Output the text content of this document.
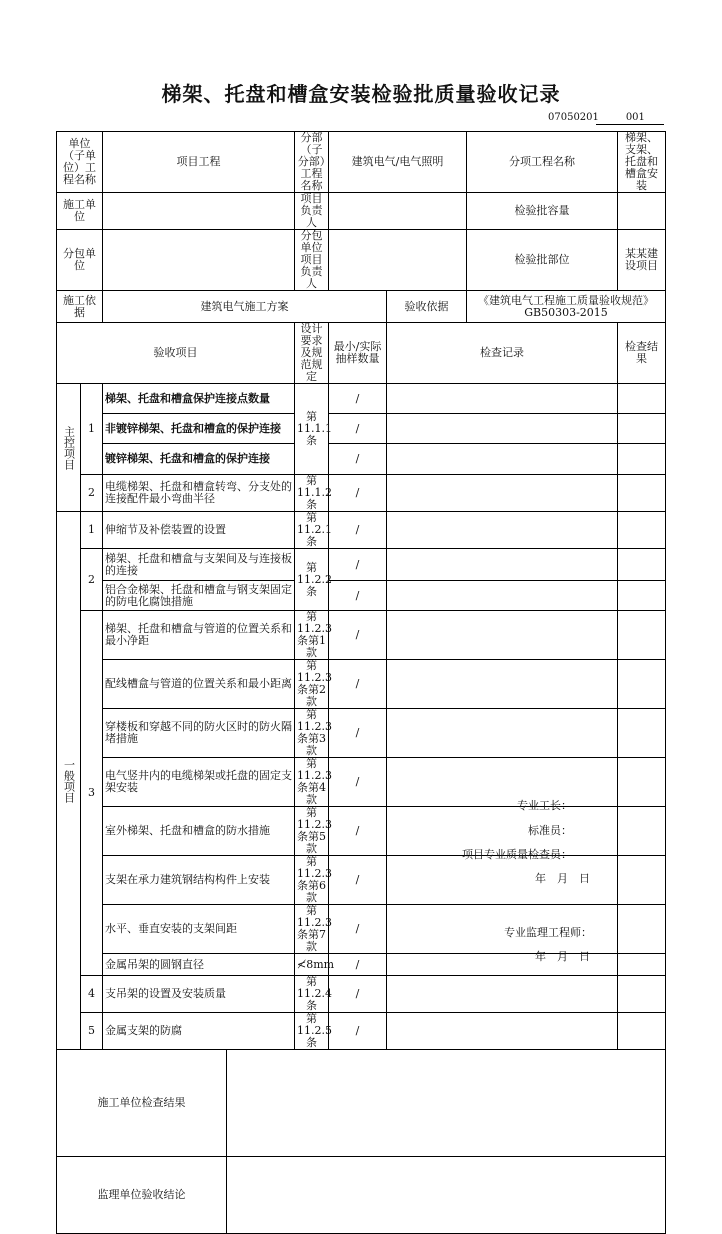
梯架、托盘和槽盒安装检验批质量验收记录
07050201	001
单位（子单位）工程名称		项目工程		分部（子分部）工程名称	建筑电气/电气照明		分项工程名称	梯架、支架、托盘和槽盒安装
施工单位				项目负责人			检验批容量	
分包单位				分包单位项目负责人			检验批部位	某某建设项目
施工依据		建筑电气施工方案				验收依据	《建筑电气工程施工质量验收规范》GB50303-2015	
验收项目				设计要求及规范规定	最小/实际抽样数量	检查记录		检查结果
主控项目	1	梯架、托盘和槽盒保护连接点数量		第11.1.1条	/			
		非镀锌梯架、托盘和槽盒的保护连接			/			
		镀锌梯架、托盘和槽盒的保护连接			/			
	2	电缆梯架、托盘和槽盒转弯、分支处的连接配件最小弯曲半径		第11.1.2条	/			
一般项目	1	伸缩节及补偿装置的设置		第11.2.1条	/			
	2	梯架、托盘和槽盒与支架间及与连接板的连接		第11.2.2条	/			
		铝合金梯架、托盘和槽盒与钢支架固定的防电化腐蚀措施			/			
	3	梯架、托盘和槽盒与管道的位置关系和最小净距		第11.2.3条第1款	/			
		配线槽盒与管道的位置关系和最小距离		第11.2.3条第2款	/			
		穿楼板和穿越不同的防火区时的防火隔堵措施		第11.2.3条第3款	/			
		电气竖井内的电缆梯架或托盘的固定支架安装		第11.2.3条第4款	/			
		室外梯架、托盘和槽盒的防水措施		第11.2.3条第5款	/			
		支架在承力建筑钢结构构件上安装		第11.2.3条第6款	/			
		水平、垂直安装的支架间距		第11.2.3条第7款	/			
		金属吊架的圆钢直径		≮8mm	/			
	4	支吊架的设置及安装质量		第11.2.4条	/			
	5	金属支架的防腐		第11.2.5条	/			
施工单位检查结果								
监理单位验收结论								
专业工长：
标准员：
项目专业质量检查员：
年　月　日
专业监理工程师：
年　月　日
